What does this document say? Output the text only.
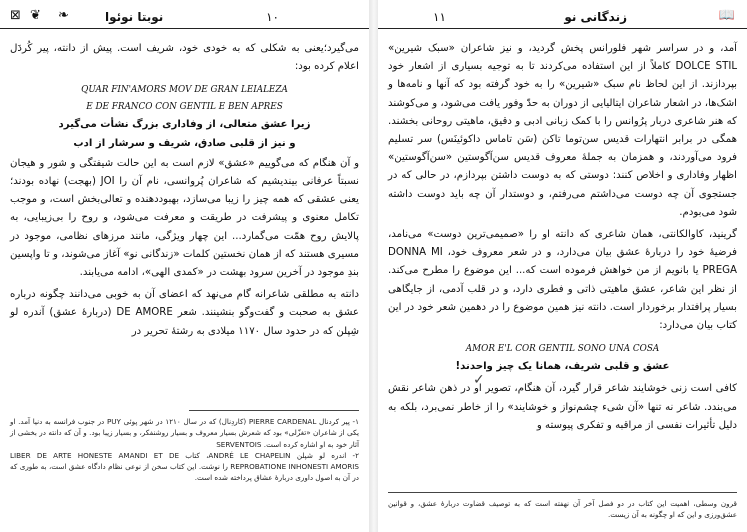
۱۰
نوبتا نوئوا
❧
⊠ ❦

می‌گیرد؛یعنی به شکلی که به خودی خود، شریف است. پیش از دانته، پیر کُردَل اعلام کرده بود:

QUAR FIN'AMORS MOV DE GRAN LEIALEZA

E DE FRANCO CON GENTIL E BEN APRES

زیرا عشق متعالی، از وفاداری بزرگ نشأت می‌گیرد

و نیز از قلبی صادق، شریف و سرشار از ادب

و آن هنگام که می‌گوییم «عشق» لازم است به این حالت شیفتگی و شور و هیجان نسبتاً عرفانی بیندیشیم که شاعران پُروانسی، نام آن را JOI (بهجت) نهاده بودند؛یعنی عشقی که همه چیز را زیبا می‌سازد، بهبوددهنده و تعالی‌بخش است، و موجب تکامل معنوی و پیشرفت در طریقت و معرفت می‌شود، و روح را بی‌زیبایی، به پالایش روح همّت می‌گمارد... این چهار ویژگی، مانند مرزهای نظامی، موجود در مسیری هستند که از همان نخستین کلمات «زندگانی نو» آغاز می‌شوند، و تا واپسین بندِ موجود در آخرین سرود بهشت در «کمدی الهی»، ادامه می‌یابند.

دانته به مطلقی شاعرانه گام می‌نهد که اعضای آن به خوبی می‌دانند چگونه درباره عشق به صحبت و گفت‌وگو بنشینند. شعر DE AMORE (دربارهٔ عشق) آندره لو شِپلن که در حدود سال ۱۱۷۰ میلادی به رشتهٔ تحریر در

۱- پیر کردنال PIERRE CARDENAL (کاردِنال) که در سال ۱۲۱۰ در شهر پوئی PUY در جنوب فرانسه به دنیا آمد. او یکی از شاعران «تغزّلی» بود که شعرش بسیار معروف و بسیار روشنفکر، و بسیار زیبا بود. و آن که دانته در بخشی از آثار خود به او اشاره کرده است. SERVENTOIS

۲- اندره لو شپلن ANDRÉ LE CHAPELIN، کتاب LIBER DE ARTE HONESTE AMANDI ET DE REPROBATIONE INHONESTI AMORIS را نوشت. این کتاب سخن از نوعی نظام دادگاه عشق است، به طوری که در آن به اصول داوری دربارهٔ عشاق پرداخته شده است.

📖
زندگانی نو
۱۱

آمد، و در سراسر شهر فلورانس پخش گردید، و نیز شاعران «سبک شیرین» DOLCE STIL کاملاً از این استفاده می‌کردند تا به توجیه بسیاری از اشعار خود بپردازند. از این لحاظ نام سبک «شیرین» را به خود گرفته بود که آنها و نامه‌ها و اشک‌ها، در اشعار شاعران ایتالیایی از دوران به حدّ وفور یافت می‌شود، و می‌کوشند که هنر شاعری دربار پرُوانس را با کمک زبانی ادبی و دقیق، ماهیتی روحانی بخشند. همگی در برابر انتهارات قدیس سن‌توما تاکن (سَن تاماس داکوئینَس) سر تسلیم فرود می‌آوردند، و همزمان به جملهٔ معروف قدیس سن‌آگوستین «سن‌آگوستین» اظهار وفاداری و اخلاص کنند: دوستی که به دوست داشتن بپردازم، در حالی که در جستجوی آن چه دوست می‌داشتم می‌رفتم، و دوستدار آن چه باید دوست داشته شود می‌بودم.

گرینید، کاوالکانتی، همان شاعری که دانته او را «صمیمی‌ترین دوست» می‌نامد، فرضیهٔ خود را دربارهٔ عشق بیان می‌دارد، و در شعر معروف خود، DONNA MI PREGA یا بانویم از من خواهش فرموده است که... این موضوع را مطرح می‌کند. از نظر این شاعر، عشق ماهیتی ذاتی و فطری دارد، و در قلب آدمی، از جایگاهی بسیار پرافتدار برخوردار است. دانته نیز همین موضوع را در دهمین شعر خود در این کتاب بیان می‌دارد:

AMOR E'L COR GENTIL SONO UNA COSA

عشق و قلبی شریف، همانا یک چیز واحدند!

کافی است زنی خوشایند شاعر قرار گیرد، آن هنگام، تصویر او در ذهن شاعر نقش می‌بندد. شاعر نه تنها «آن شیء چشم‌نواز و خوشایند» را از خاطر نمی‌برد، بلکه به دلیل تأثیرات نفسی از مراقبه و تفکری پیوسته و

✓

قرون وسطی، اهمیت این کتاب در دو فصل آخر آن نهفته است که به توصیف قضاوت دربارهٔ عشق، و قوانین عشق‌ورزی و این که او چگونه به آن زیست.
